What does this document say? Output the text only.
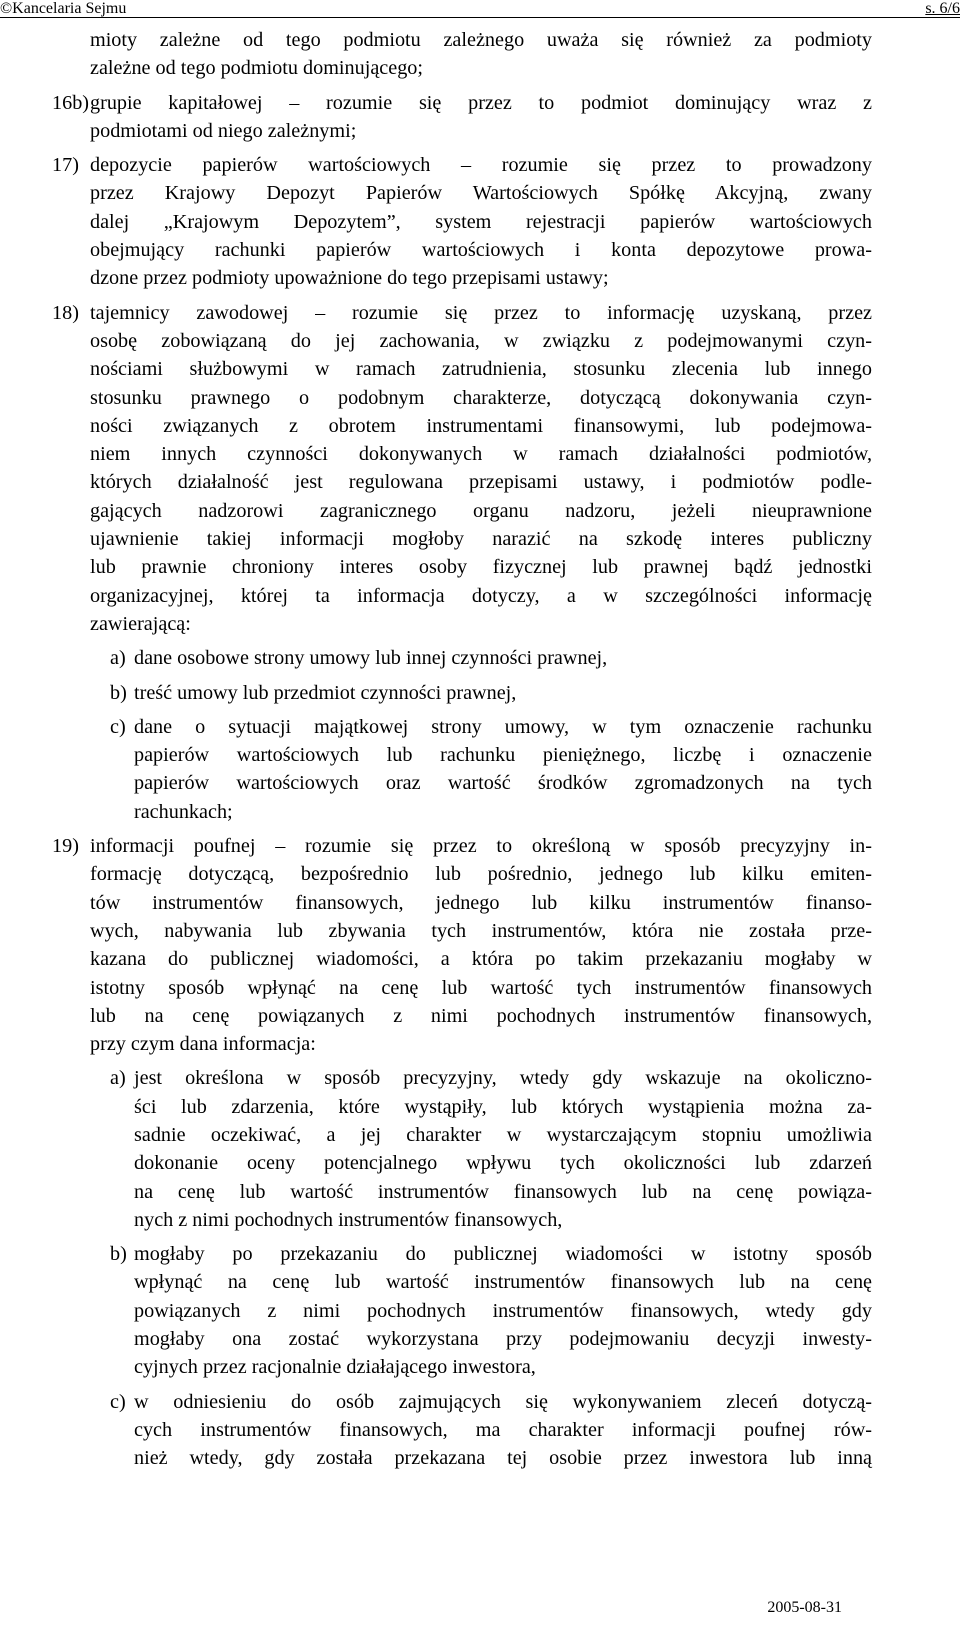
©Kancelaria Sejmu	s. 6/6
mioty zależne od tego podmiotu zależnego uważa się również za podmioty
zależne od tego podmiotu dominującego;
16b) grupie kapitałowej – rozumie się przez to podmiot dominujący wraz z
podmiotami od niego zależnymi;
17) depozycie papierów wartościowych – rozumie się przez to prowadzony
przez Krajowy Depozyt Papierów Wartościowych Spółkę Akcyjną, zwany
dalej „Krajowym Depozytem”, system rejestracji papierów wartościowych
obejmujący rachunki papierów wartościowych i konta depozytowe prowa-
dzone przez podmioty upoważnione do tego przepisami ustawy;
18) tajemnicy zawodowej – rozumie się przez to informację uzyskaną, przez
osobę zobowiązaną do jej zachowania, w związku z podejmowanymi czyn-
nościami służbowymi w ramach zatrudnienia, stosunku zlecenia lub innego
stosunku prawnego o podobnym charakterze, dotyczącą dokonywania czyn-
ności związanych z obrotem instrumentami finansowymi, lub podejmowa-
niem innych czynności dokonywanych w ramach działalności podmiotów,
których działalność jest regulowana przepisami ustawy, i podmiotów podle-
gających nadzorowi zagranicznego organu nadzoru, jeżeli nieuprawnione
ujawnienie takiej informacji mogłoby narazić na szkodę interes publiczny
lub prawnie chroniony interes osoby fizycznej lub prawnej bądź jednostki
organizacyjnej, której ta informacja dotyczy, a w szczególności informację
zawierającą:
a) dane osobowe strony umowy lub innej czynności prawnej,
b) treść umowy lub przedmiot czynności prawnej,
c) dane o sytuacji majątkowej strony umowy, w tym oznaczenie rachunku
papierów wartościowych lub rachunku pieniężnego, liczbę i oznaczenie
papierów wartościowych oraz wartość środków zgromadzonych na tych
rachunkach;
19) informacji poufnej – rozumie się przez to określoną w sposób precyzyjny in-
formację dotyczącą, bezpośrednio lub pośrednio, jednego lub kilku emiten-
tów instrumentów finansowych, jednego lub kilku instrumentów finanso-
wych, nabywania lub zbywania tych instrumentów, która nie została prze-
kazana do publicznej wiadomości, a która po takim przekazaniu mogłaby w
istotny sposób wpłynąć na cenę lub wartość tych instrumentów finansowych
lub na cenę powiązanych z nimi pochodnych instrumentów finansowych,
przy czym dana informacja:
a) jest określona w sposób precyzyjny, wtedy gdy wskazuje na okoliczno-
ści lub zdarzenia, które wystąpiły, lub których wystąpienia można za-
sadnie oczekiwać, a jej charakter w wystarczającym stopniu umożliwia
dokonanie oceny potencjalnego wpływu tych okoliczności lub zdarzeń
na cenę lub wartość instrumentów finansowych lub na cenę powiąza-
nych z nimi pochodnych instrumentów finansowych,
b) mogłaby po przekazaniu do publicznej wiadomości w istotny sposób
wpłynąć na cenę lub wartość instrumentów finansowych lub na cenę
powiązanych z nimi pochodnych instrumentów finansowych, wtedy gdy
mogłaby ona zostać wykorzystana przy podejmowaniu decyzji inwesty-
cyjnych przez racjonalnie działającego inwestora,
c) w odniesieniu do osób zajmujących się wykonywaniem zleceń dotyczą-
cych instrumentów finansowych, ma charakter informacji poufnej rów-
nież wtedy, gdy została przekazana tej osobie przez inwestora lub inną
2005-08-31
